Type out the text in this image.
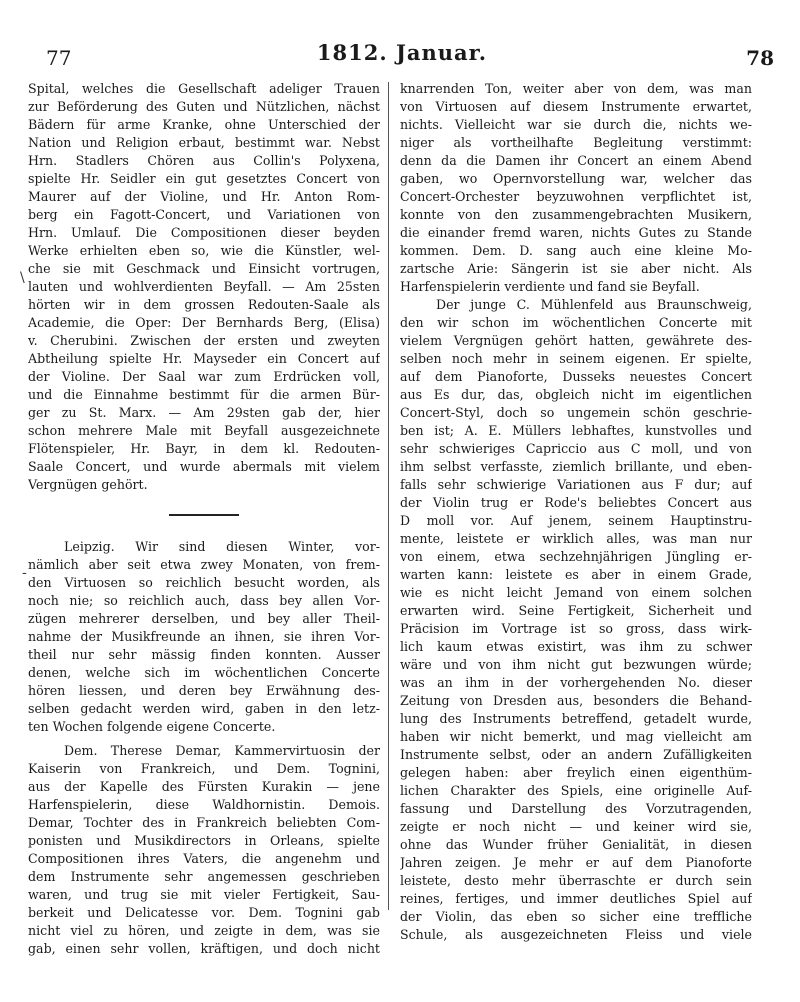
77	1812. Januar.	78
Spital, welches die Gesellschaft adeliger Trauen
zur Beförderung des Guten und Nützlichen, nächst
Bädern für arme Kranke, ohne Unterschied der
Nation und Religion erbaut, bestimmt war. Nebst
Hrn. Stadlers Chören aus Collin's Polyxena,
spielte Hr. Seidler ein gut gesetztes Concert von
Maurer auf der Violine, und Hr. Anton Rom-
berg ein Fagott-Concert, und Variationen von
Hrn. Umlauf. Die Compositionen dieser beyden
Werke erhielten eben so, wie die Künstler, wel-
che sie mit Geschmack und Einsicht vortrugen,
lauten und wohlverdienten Beyfall. — Am 25sten
hörten wir in dem grossen Redouten-Saale als
Academie, die Oper: Der Bernhards Berg, (Elisa)
v. Cherubini. Zwischen der ersten und zweyten
Abtheilung spielte Hr. Mayseder ein Concert auf
der Violine. Der Saal war zum Erdrücken voll,
und die Einnahme bestimmt für die armen Bür-
ger zu St. Marx. — Am 29sten gab der, hier
schon mehrere Male mit Beyfall ausgezeichnete
Flötenspieler, Hr. Bayr, in dem kl. Redouten-
Saale Concert, und wurde abermals mit vielem
Vergnügen gehört.
Leipzig. Wir sind diesen Winter, vor-
nämlich aber seit etwa zwey Monaten, von frem-
den Virtuosen so reichlich besucht worden, als
noch nie; so reichlich auch, dass bey allen Vor-
zügen mehrerer derselben, und bey aller Theil-
nahme der Musikfreunde an ihnen, sie ihren Vor-
theil nur sehr mässig finden konnten. Ausser
denen, welche sich im wöchentlichen Concerte
hören liessen, und deren bey Erwähnung des-
selben gedacht werden wird, gaben in den letz-
ten Wochen folgende eigene Concerte.
Dem. Therese Demar, Kammervirtuosin der
Kaiserin von Frankreich, und Dem. Tognini,
aus der Kapelle des Fürsten Kurakin — jene
Harfenspielerin, diese Waldhornistin. Demois.
Demar, Tochter des in Frankreich beliebten Com-
ponisten und Musikdirectors in Orleans, spielte
Compositionen ihres Vaters, die angenehm und
dem Instrumente sehr angemessen geschrieben
waren, und trug sie mit vieler Fertigkeit, Sau-
berkeit und Delicatesse vor. Dem. Tognini gab
nicht viel zu hören, und zeigte in dem, was sie
gab, einen sehr vollen, kräftigen, und doch nicht
knarrenden Ton, weiter aber von dem, was man
von Virtuosen auf diesem Instrumente erwartet,
nichts. Vielleicht war sie durch die, nichts we-
niger als vortheilhafte Begleitung verstimmt:
denn da die Damen ihr Concert an einem Abend
gaben, wo Opernvorstellung war, welcher das
Concert-Orchester beyzuwohnen verpflichtet ist,
konnte von den zusammengebrachten Musikern,
die einander fremd waren, nichts Gutes zu Stande
kommen. Dem. D. sang auch eine kleine Mo-
zartsche Arie: Sängerin ist sie aber nicht. Als
Harfenspielerin verdiente und fand sie Beyfall.
Der junge C. Mühlenfeld aus Braunschweig,
den wir schon im wöchentlichen Concerte mit
vielem Vergnügen gehört hatten, gewährete des-
selben noch mehr in seinem eigenen. Er spielte,
auf dem Pianoforte, Dusseks neuestes Concert
aus Es dur, das, obgleich nicht im eigentlichen
Concert-Styl, doch so ungemein schön geschrie-
ben ist; A. E. Müllers lebhaftes, kunstvolles und
sehr schwieriges Capriccio aus C moll, und von
ihm selbst verfasste, ziemlich brillante, und eben-
falls sehr schwierige Variationen aus F dur; auf
der Violin trug er Rode's beliebtes Concert aus
D moll vor. Auf jenem, seinem Hauptinstru-
mente, leistete er wirklich alles, was man nur
von einem, etwa sechzehnjährigen Jüngling er-
warten kann: leistete es aber in einem Grade,
wie es nicht leicht Jemand von einem solchen
erwarten wird. Seine Fertigkeit, Sicherheit und
Präcision im Vortrage ist so gross, dass wirk-
lich kaum etwas existirt, was ihm zu schwer
wäre und von ihm nicht gut bezwungen würde;
was an ihm in der vorhergehenden No. dieser
Zeitung von Dresden aus, besonders die Behand-
lung des Instruments betreffend, getadelt wurde,
haben wir nicht bemerkt, und mag vielleicht am
Instrumente selbst, oder an andern Zufälligkeiten
gelegen haben: aber freylich einen eigenthüm-
lichen Charakter des Spiels, eine originelle Auf-
fassung und Darstellung des Vorzutragenden,
zeigte er noch nicht — und keiner wird sie,
ohne das Wunder früher Genialität, in diesen
Jahren zeigen. Je mehr er auf dem Pianoforte
leistete, desto mehr überraschte er durch sein
reines, fertiges, und immer deutliches Spiel auf
der Violin, das eben so sicher eine treffliche
Schule, als ausgezeichneten Fleiss und viele
\
-
